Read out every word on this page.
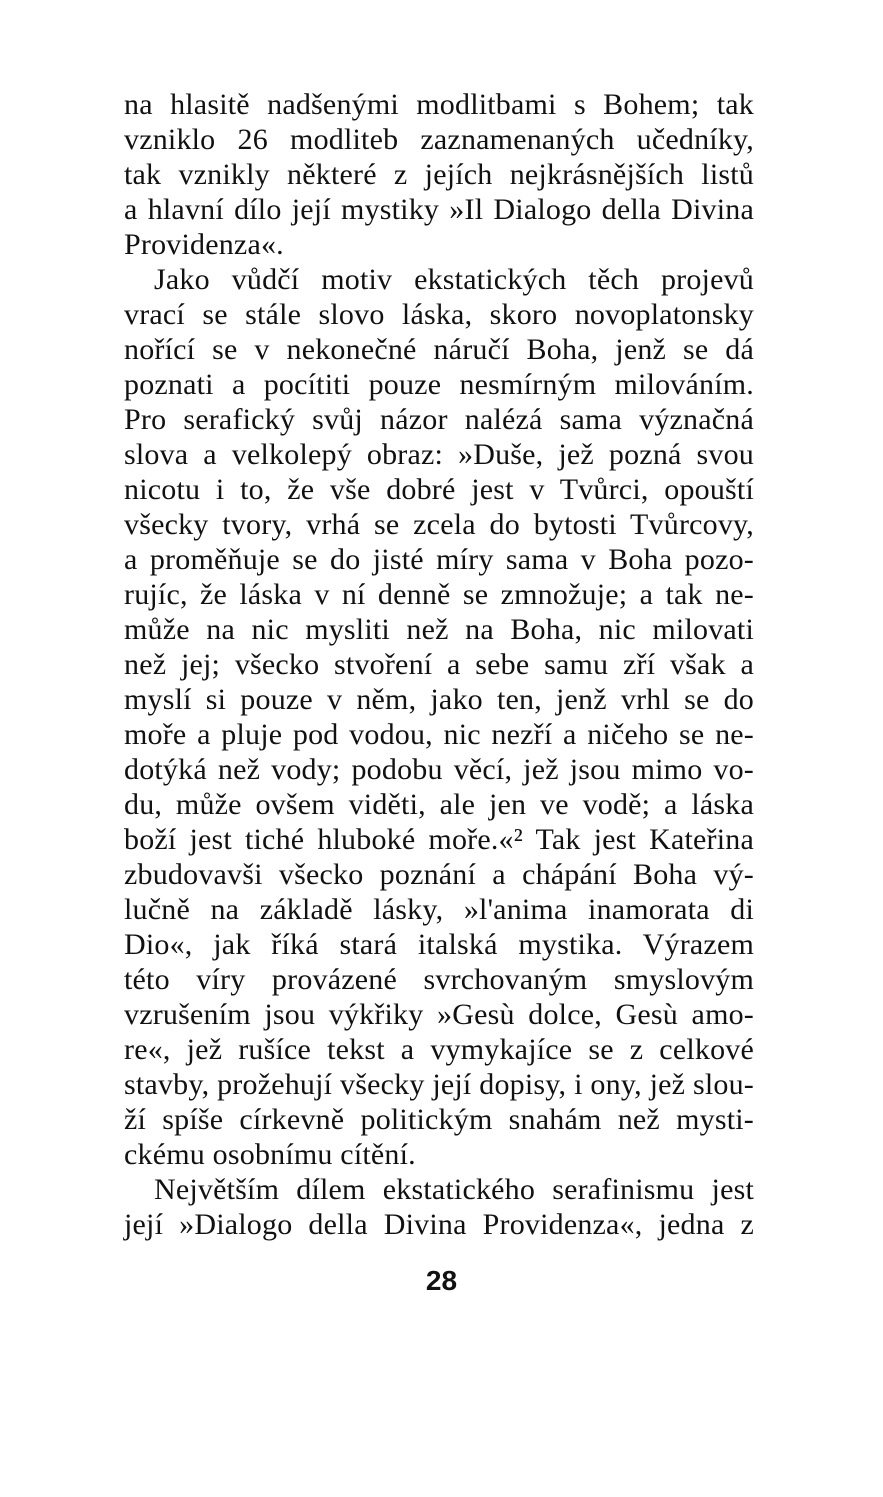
na hlasitě nadšenými modlitbami s Bohem; tak
vzniklo 26 modliteb zaznamenaných učedníky,
tak vznikly některé z jejích nejkrásnějších listů
a hlavní dílo její mystiky »Il Dialogo della Divina
Providenza«.
Jako vůdčí motiv ekstatických těch projevů
vrací se stále slovo láska, skoro novoplatonsky
nořící se v nekonečné náručí Boha, jenž se dá
poznati a pocítiti pouze nesmírným milováním.
Pro serafický svůj názor nalézá sama význačná
slova a velkolepý obraz: »Duše, jež pozná svou
nicotu i to, že vše dobré jest v Tvůrci, opouští
všecky tvory, vrhá se zcela do bytosti Tvůrcovy,
a proměňuje se do jisté míry sama v Boha pozo-
rujíc, že láska v ní denně se zmnožuje; a tak ne-
může na nic mysliti než na Boha, nic milovati
než jej; všecko stvoření a sebe samu zří však a
myslí si pouze v něm, jako ten, jenž vrhl se do
moře a pluje pod vodou, nic nezří a ničeho se ne-
dotýká než vody; podobu věcí, jež jsou mimo vo-
du, může ovšem viděti, ale jen ve vodě; a láska
boží jest tiché hluboké moře.«² Tak jest Kateřina
zbudovavši všecko poznání a chápání Boha vý-
lučně na základě lásky, »l'anima inamorata di
Dio«, jak říká stará italská mystika. Výrazem
této víry provázené svrchovaným smyslovým
vzrušením jsou výkřiky »Gesù dolce, Gesù amo-
re«, jež rušíce tekst a vymykajíce se z celkové
stavby, prožehují všecky její dopisy, i ony, jež slou-
ží spíše církevně politickým snahám než mysti-
ckému osobnímu cítění.
Největším dílem ekstatického serafinismu jest
její »Dialogo della Divina Providenza«, jedna z
28
